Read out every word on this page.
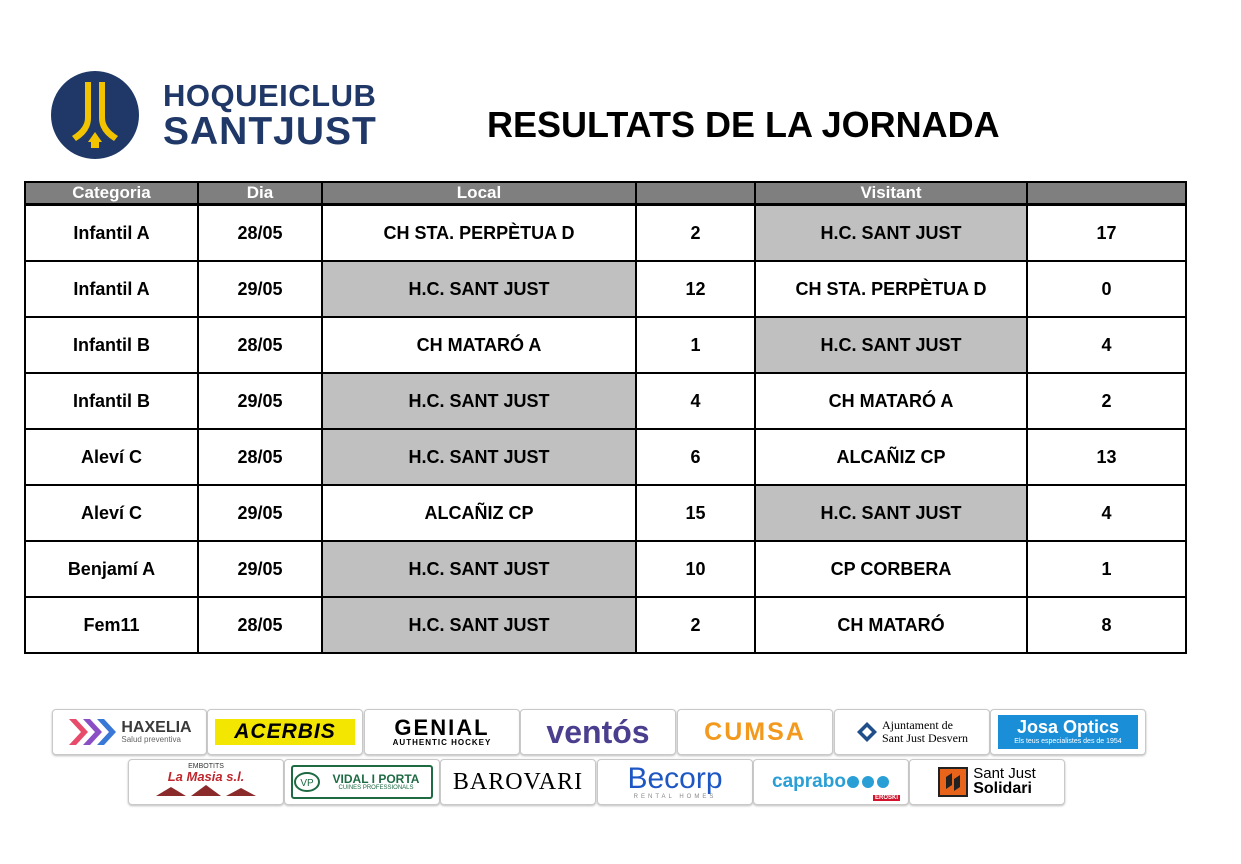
HOQUEICLUB
SANTJUST	RESULTATS DE LA JORNADA
Categoria	Dia	Local		Visitant	
Infantil A	28/05	CH STA. PERPÈTUA D	2	H.C. SANT JUST	17
Infantil A	29/05	H.C. SANT JUST	12	CH STA. PERPÈTUA D	0
Infantil B	28/05	CH MATARÓ A	1	H.C. SANT JUST	4
Infantil B	29/05	H.C. SANT JUST	4	CH MATARÓ A	2
Aleví C	28/05	H.C. SANT JUST	6	ALCAÑIZ CP	13
Aleví C	29/05	ALCAÑIZ CP	15	H.C. SANT JUST	4
Benjamí A	29/05	H.C. SANT JUST	10	CP CORBERA	1
Fem11	28/05	H.C. SANT JUST	2	CH MATARÓ	8
HAXELIA
Salud preventiva	ACERBIS	GENIAL
AUTHENTIC HOCKEY ventós CUMSA	Ajuntament de
Sant Just Desvern
Josa Optics
Els teus especialistes des de 1954
EMBOTITS
La Masia s.l.	VP	VIDAL I PORTA
CUINES PROFESSIONALS	BAROVARI Becorp
RENTAL HOMES
caprabo
EROSKI
Sant Just
Solidari
